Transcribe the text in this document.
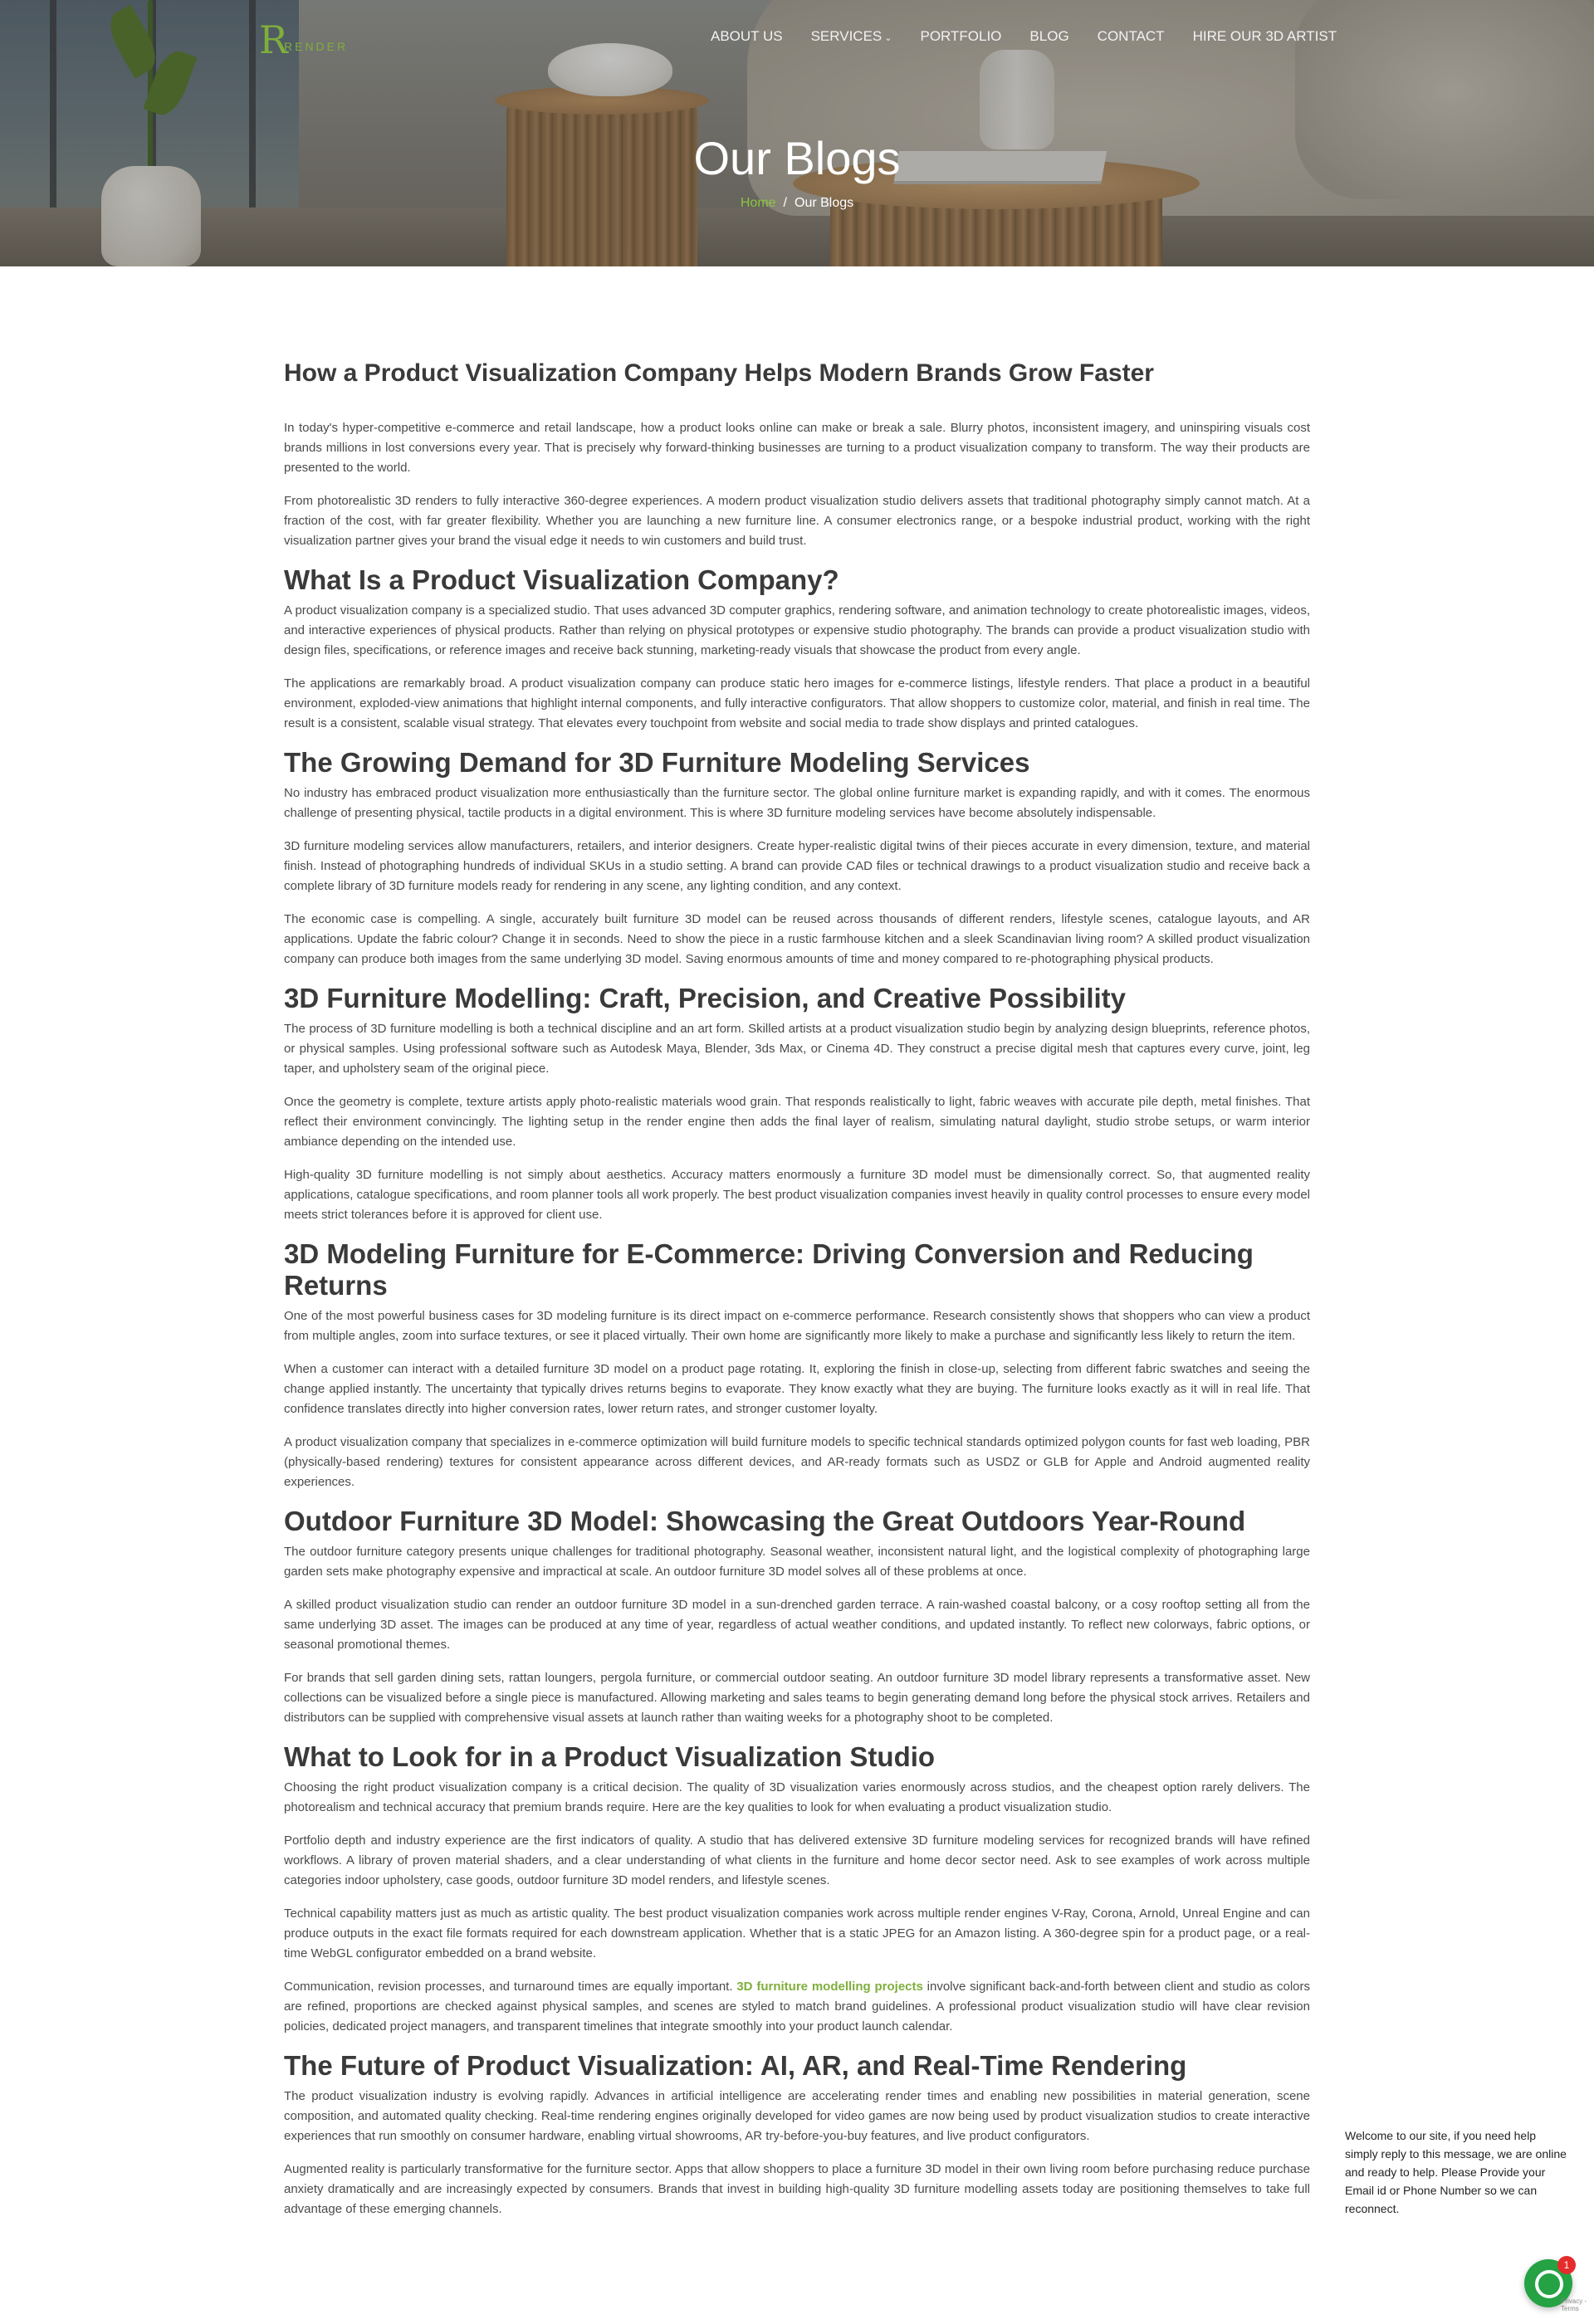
R
RENDER
ABOUT US SERVICES ⌄ PORTFOLIO BLOG CONTACT HIRE OUR 3D ARTIST
Our Blogs
Home / Our Blogs
How a Product Visualization Company Helps Modern Brands Grow Faster

In today's hyper-competitive e-commerce and retail landscape, how a product looks online can make or break a sale. Blurry photos, inconsistent imagery, and uninspiring visuals cost brands millions in lost conversions every year. That is precisely why forward-thinking businesses are turning to a product visualization company to transform. The way their products are presented to the world.

From photorealistic 3D renders to fully interactive 360-degree experiences. A modern product visualization studio delivers assets that traditional photography simply cannot match. At a fraction of the cost, with far greater flexibility. Whether you are launching a new furniture line. A consumer electronics range, or a bespoke industrial product, working with the right visualization partner gives your brand the visual edge it needs to win customers and build trust.

What Is a Product Visualization Company?

A product visualization company is a specialized studio. That uses advanced 3D computer graphics, rendering software, and animation technology to create photorealistic images, videos, and interactive experiences of physical products. Rather than relying on physical prototypes or expensive studio photography. The brands can provide a product visualization studio with design files, specifications, or reference images and receive back stunning, marketing-ready visuals that showcase the product from every angle.

The applications are remarkably broad. A product visualization company can produce static hero images for e-commerce listings, lifestyle renders. That place a product in a beautiful environment, exploded-view animations that highlight internal components, and fully interactive configurators. That allow shoppers to customize color, material, and finish in real time. The result is a consistent, scalable visual strategy. That elevates every touchpoint from website and social media to trade show displays and printed catalogues.

The Growing Demand for 3D Furniture Modeling Services

No industry has embraced product visualization more enthusiastically than the furniture sector. The global online furniture market is expanding rapidly, and with it comes. The enormous challenge of presenting physical, tactile products in a digital environment. This is where 3D furniture modeling services have become absolutely indispensable.

3D furniture modeling services allow manufacturers, retailers, and interior designers. Create hyper-realistic digital twins of their pieces accurate in every dimension, texture, and material finish. Instead of photographing hundreds of individual SKUs in a studio setting. A brand can provide CAD files or technical drawings to a product visualization studio and receive back a complete library of 3D furniture models ready for rendering in any scene, any lighting condition, and any context.

The economic case is compelling. A single, accurately built furniture 3D model can be reused across thousands of different renders, lifestyle scenes, catalogue layouts, and AR applications. Update the fabric colour? Change it in seconds. Need to show the piece in a rustic farmhouse kitchen and a sleek Scandinavian living room? A skilled product visualization company can produce both images from the same underlying 3D model. Saving enormous amounts of time and money compared to re-photographing physical products.

3D Furniture Modelling: Craft, Precision, and Creative Possibility

The process of 3D furniture modelling is both a technical discipline and an art form. Skilled artists at a product visualization studio begin by analyzing design blueprints, reference photos, or physical samples. Using professional software such as Autodesk Maya, Blender, 3ds Max, or Cinema 4D. They construct a precise digital mesh that captures every curve, joint, leg taper, and upholstery seam of the original piece.

Once the geometry is complete, texture artists apply photo-realistic materials wood grain. That responds realistically to light, fabric weaves with accurate pile depth, metal finishes. That reflect their environment convincingly. The lighting setup in the render engine then adds the final layer of realism, simulating natural daylight, studio strobe setups, or warm interior ambiance depending on the intended use.

High-quality 3D furniture modelling is not simply about aesthetics. Accuracy matters enormously a furniture 3D model must be dimensionally correct. So, that augmented reality applications, catalogue specifications, and room planner tools all work properly. The best product visualization companies invest heavily in quality control processes to ensure every model meets strict tolerances before it is approved for client use.

3D Modeling Furniture for E-Commerce: Driving Conversion and Reducing Returns

One of the most powerful business cases for 3D modeling furniture is its direct impact on e-commerce performance. Research consistently shows that shoppers who can view a product from multiple angles, zoom into surface textures, or see it placed virtually. Their own home are significantly more likely to make a purchase and significantly less likely to return the item.

When a customer can interact with a detailed furniture 3D model on a product page rotating. It, exploring the finish in close-up, selecting from different fabric swatches and seeing the change applied instantly. The uncertainty that typically drives returns begins to evaporate. They know exactly what they are buying. The furniture looks exactly as it will in real life. That confidence translates directly into higher conversion rates, lower return rates, and stronger customer loyalty.

A product visualization company that specializes in e-commerce optimization will build furniture models to specific technical standards optimized polygon counts for fast web loading, PBR (physically-based rendering) textures for consistent appearance across different devices, and AR-ready formats such as USDZ or GLB for Apple and Android augmented reality experiences.

Outdoor Furniture 3D Model: Showcasing the Great Outdoors Year-Round

The outdoor furniture category presents unique challenges for traditional photography. Seasonal weather, inconsistent natural light, and the logistical complexity of photographing large garden sets make photography expensive and impractical at scale. An outdoor furniture 3D model solves all of these problems at once.

A skilled product visualization studio can render an outdoor furniture 3D model in a sun-drenched garden terrace. A rain-washed coastal balcony, or a cosy rooftop setting all from the same underlying 3D asset. The images can be produced at any time of year, regardless of actual weather conditions, and updated instantly. To reflect new colorways, fabric options, or seasonal promotional themes.

For brands that sell garden dining sets, rattan loungers, pergola furniture, or commercial outdoor seating. An outdoor furniture 3D model library represents a transformative asset. New collections can be visualized before a single piece is manufactured. Allowing marketing and sales teams to begin generating demand long before the physical stock arrives. Retailers and distributors can be supplied with comprehensive visual assets at launch rather than waiting weeks for a photography shoot to be completed.

What to Look for in a Product Visualization Studio

Choosing the right product visualization company is a critical decision. The quality of 3D visualization varies enormously across studios, and the cheapest option rarely delivers. The photorealism and technical accuracy that premium brands require. Here are the key qualities to look for when evaluating a product visualization studio.

Portfolio depth and industry experience are the first indicators of quality. A studio that has delivered extensive 3D furniture modeling services for recognized brands will have refined workflows. A library of proven material shaders, and a clear understanding of what clients in the furniture and home decor sector need. Ask to see examples of work across multiple categories indoor upholstery, case goods, outdoor furniture 3D model renders, and lifestyle scenes.

Technical capability matters just as much as artistic quality. The best product visualization companies work across multiple render engines V-Ray, Corona, Arnold, Unreal Engine and can produce outputs in the exact file formats required for each downstream application. Whether that is a static JPEG for an Amazon listing. A 360-degree spin for a product page, or a real-time WebGL configurator embedded on a brand website.

Communication, revision processes, and turnaround times are equally important. 3D furniture modelling projects involve significant back-and-forth between client and studio as colors are refined, proportions are checked against physical samples, and scenes are styled to match brand guidelines. A professional product visualization studio will have clear revision policies, dedicated project managers, and transparent timelines that integrate smoothly into your product launch calendar.

The Future of Product Visualization: AI, AR, and Real-Time Rendering

The product visualization industry is evolving rapidly. Advances in artificial intelligence are accelerating render times and enabling new possibilities in material generation, scene composition, and automated quality checking. Real-time rendering engines originally developed for video games are now being used by product visualization studios to create interactive experiences that run smoothly on consumer hardware, enabling virtual showrooms, AR try-before-you-buy features, and live product configurators.

Augmented reality is particularly transformative for the furniture sector. Apps that allow shoppers to place a furniture 3D model in their own living room before purchasing reduce purchase anxiety dramatically and are increasingly expected by consumers. Brands that invest in building high-quality 3D furniture modelling assets today are positioning themselves to take full advantage of these emerging channels.

Welcome to our site, if you need help simply reply to this message, we are online and ready to help. Please Provide your Email id or Phone Number so we can reconnect.
1
Privacy - Terms
